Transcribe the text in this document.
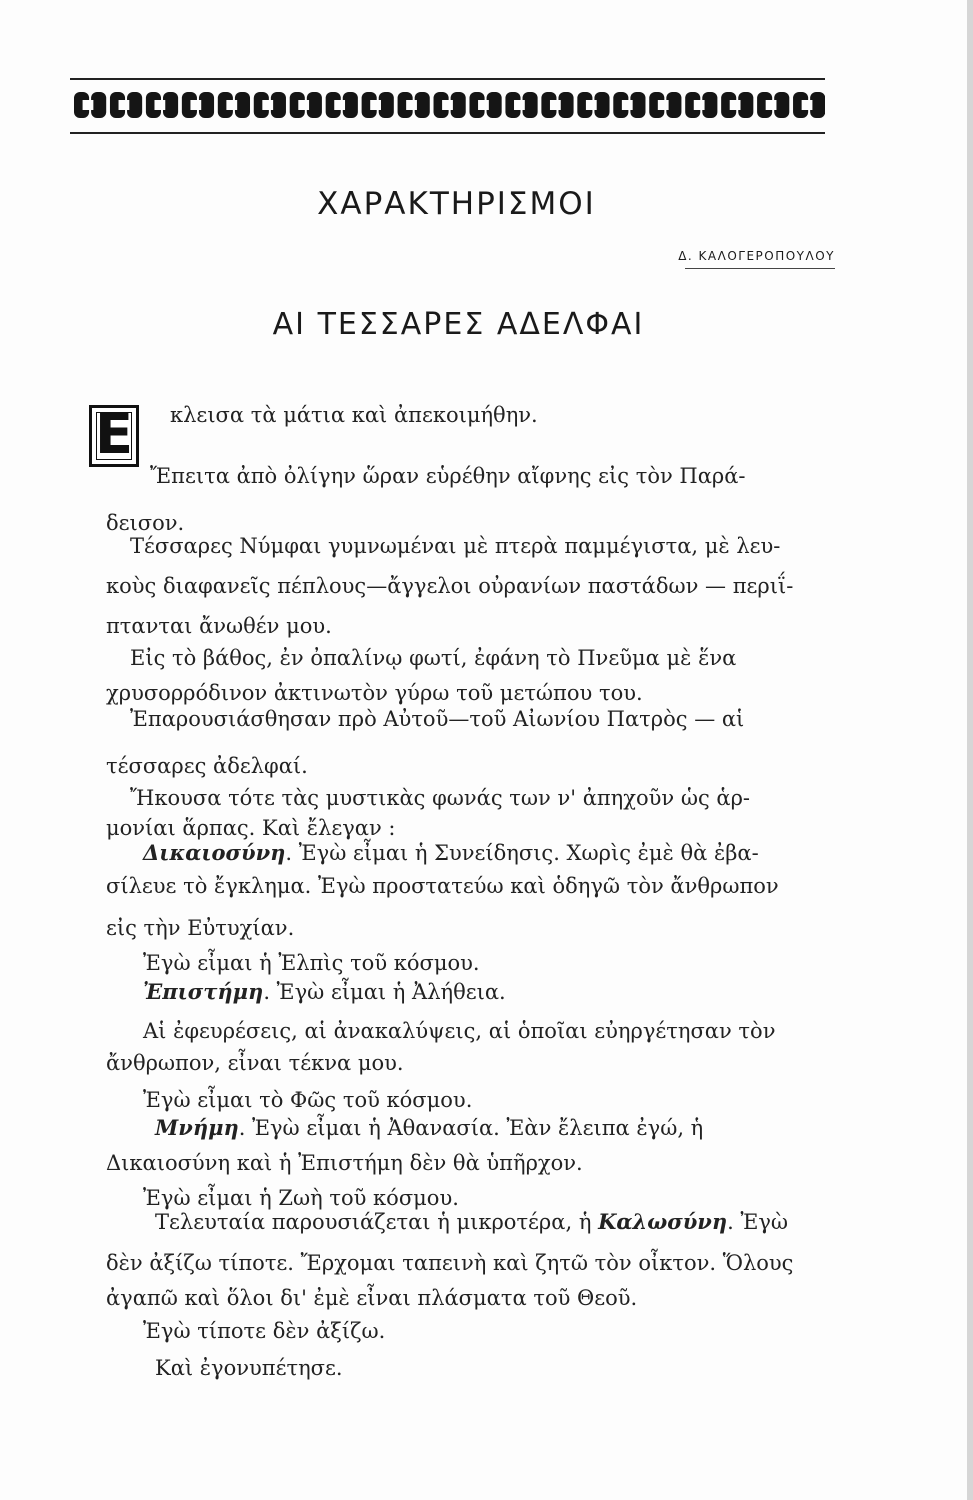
ΧΑΡΑΚΤΗΡΙΣΜΟΙ
Δ. ΚΑΛΟΓΕΡΟΠΟΥΛΟΥ
ΑΙ ΤΕΣΣΑΡΕΣ ΑΔΕΛΦΑΙ
Ε κλεισα τὰ μάτια καὶ ἀπεκοιμήθην.
Ἔπειτα ἀπὸ ὀλίγην ὥραν εὑρέθην αἴφνης εἰς τὸν Παρά-
δεισον.
Τέσσαρες Νύμφαι γυμνωμέναι μὲ πτερὰ παμμέγιστα, μὲ λευ-
κοὺς διαφανεῖς πέπλους—ἄγγελοι οὐρανίων παστάδων — περιΐ-
πτανται ἄνωθέν μου.
Εἰς τὸ βάθος, ἐν ὀπαλίνῳ φωτί, ἐφάνη τὸ Πνεῦμα μὲ ἕνα
χρυσορρόδινον ἀκτινωτὸν γύρω τοῦ μετώπου του.
Ἐπαρουσιάσθησαν πρὸ Αὐτοῦ—τοῦ Αἰωνίου Πατρὸς — αἱ
τέσσαρες ἀδελφαί.
Ἤκουσα τότε τὰς μυστικὰς φωνάς των ν' ἀπηχοῦν ὡς ἁρ-
μονίαι ἅρπας. Καὶ ἔλεγαν :
Δικαιοσύνη. Ἐγὼ εἶμαι ἡ Συνείδησις. Χωρὶς ἐμὲ θὰ ἐβα-
σίλευε τὸ ἔγκλημα. Ἐγὼ προστατεύω καὶ ὁδηγῶ τὸν ἄνθρωπον
εἰς τὴν Εὐτυχίαν.
Ἐγὼ εἶμαι ἡ Ἐλπὶς τοῦ κόσμου.
Ἐπιστήμη. Ἐγὼ εἶμαι ἡ Ἀλήθεια.
Αἱ ἐφευρέσεις, αἱ ἀνακαλύψεις, αἱ ὁποῖαι εὐηργέτησαν τὸν
ἄνθρωπον, εἶναι τέκνα μου.
Ἐγὼ εἶμαι τὸ Φῶς τοῦ κόσμου.
Μνήμη. Ἐγὼ εἶμαι ἡ Ἀθανασία. Ἐὰν ἔλειπα ἐγώ, ἡ
Δικαιοσύνη καὶ ἡ Ἐπιστήμη δὲν θὰ ὑπῆρχον.
Ἐγὼ εἶμαι ἡ Ζωὴ τοῦ κόσμου.
Τελευταία παρουσιάζεται ἡ μικροτέρα, ἡ Καλωσύνη. Ἐγὼ
δὲν ἀξίζω τίποτε. Ἔρχομαι ταπεινὴ καὶ ζητῶ τὸν οἶκτον. Ὅλους
ἀγαπῶ καὶ ὅλοι δι' ἐμὲ εἶναι πλάσματα τοῦ Θεοῦ.
Ἐγὼ τίποτε δὲν ἀξίζω.
Καὶ ἐγονυπέτησε.
